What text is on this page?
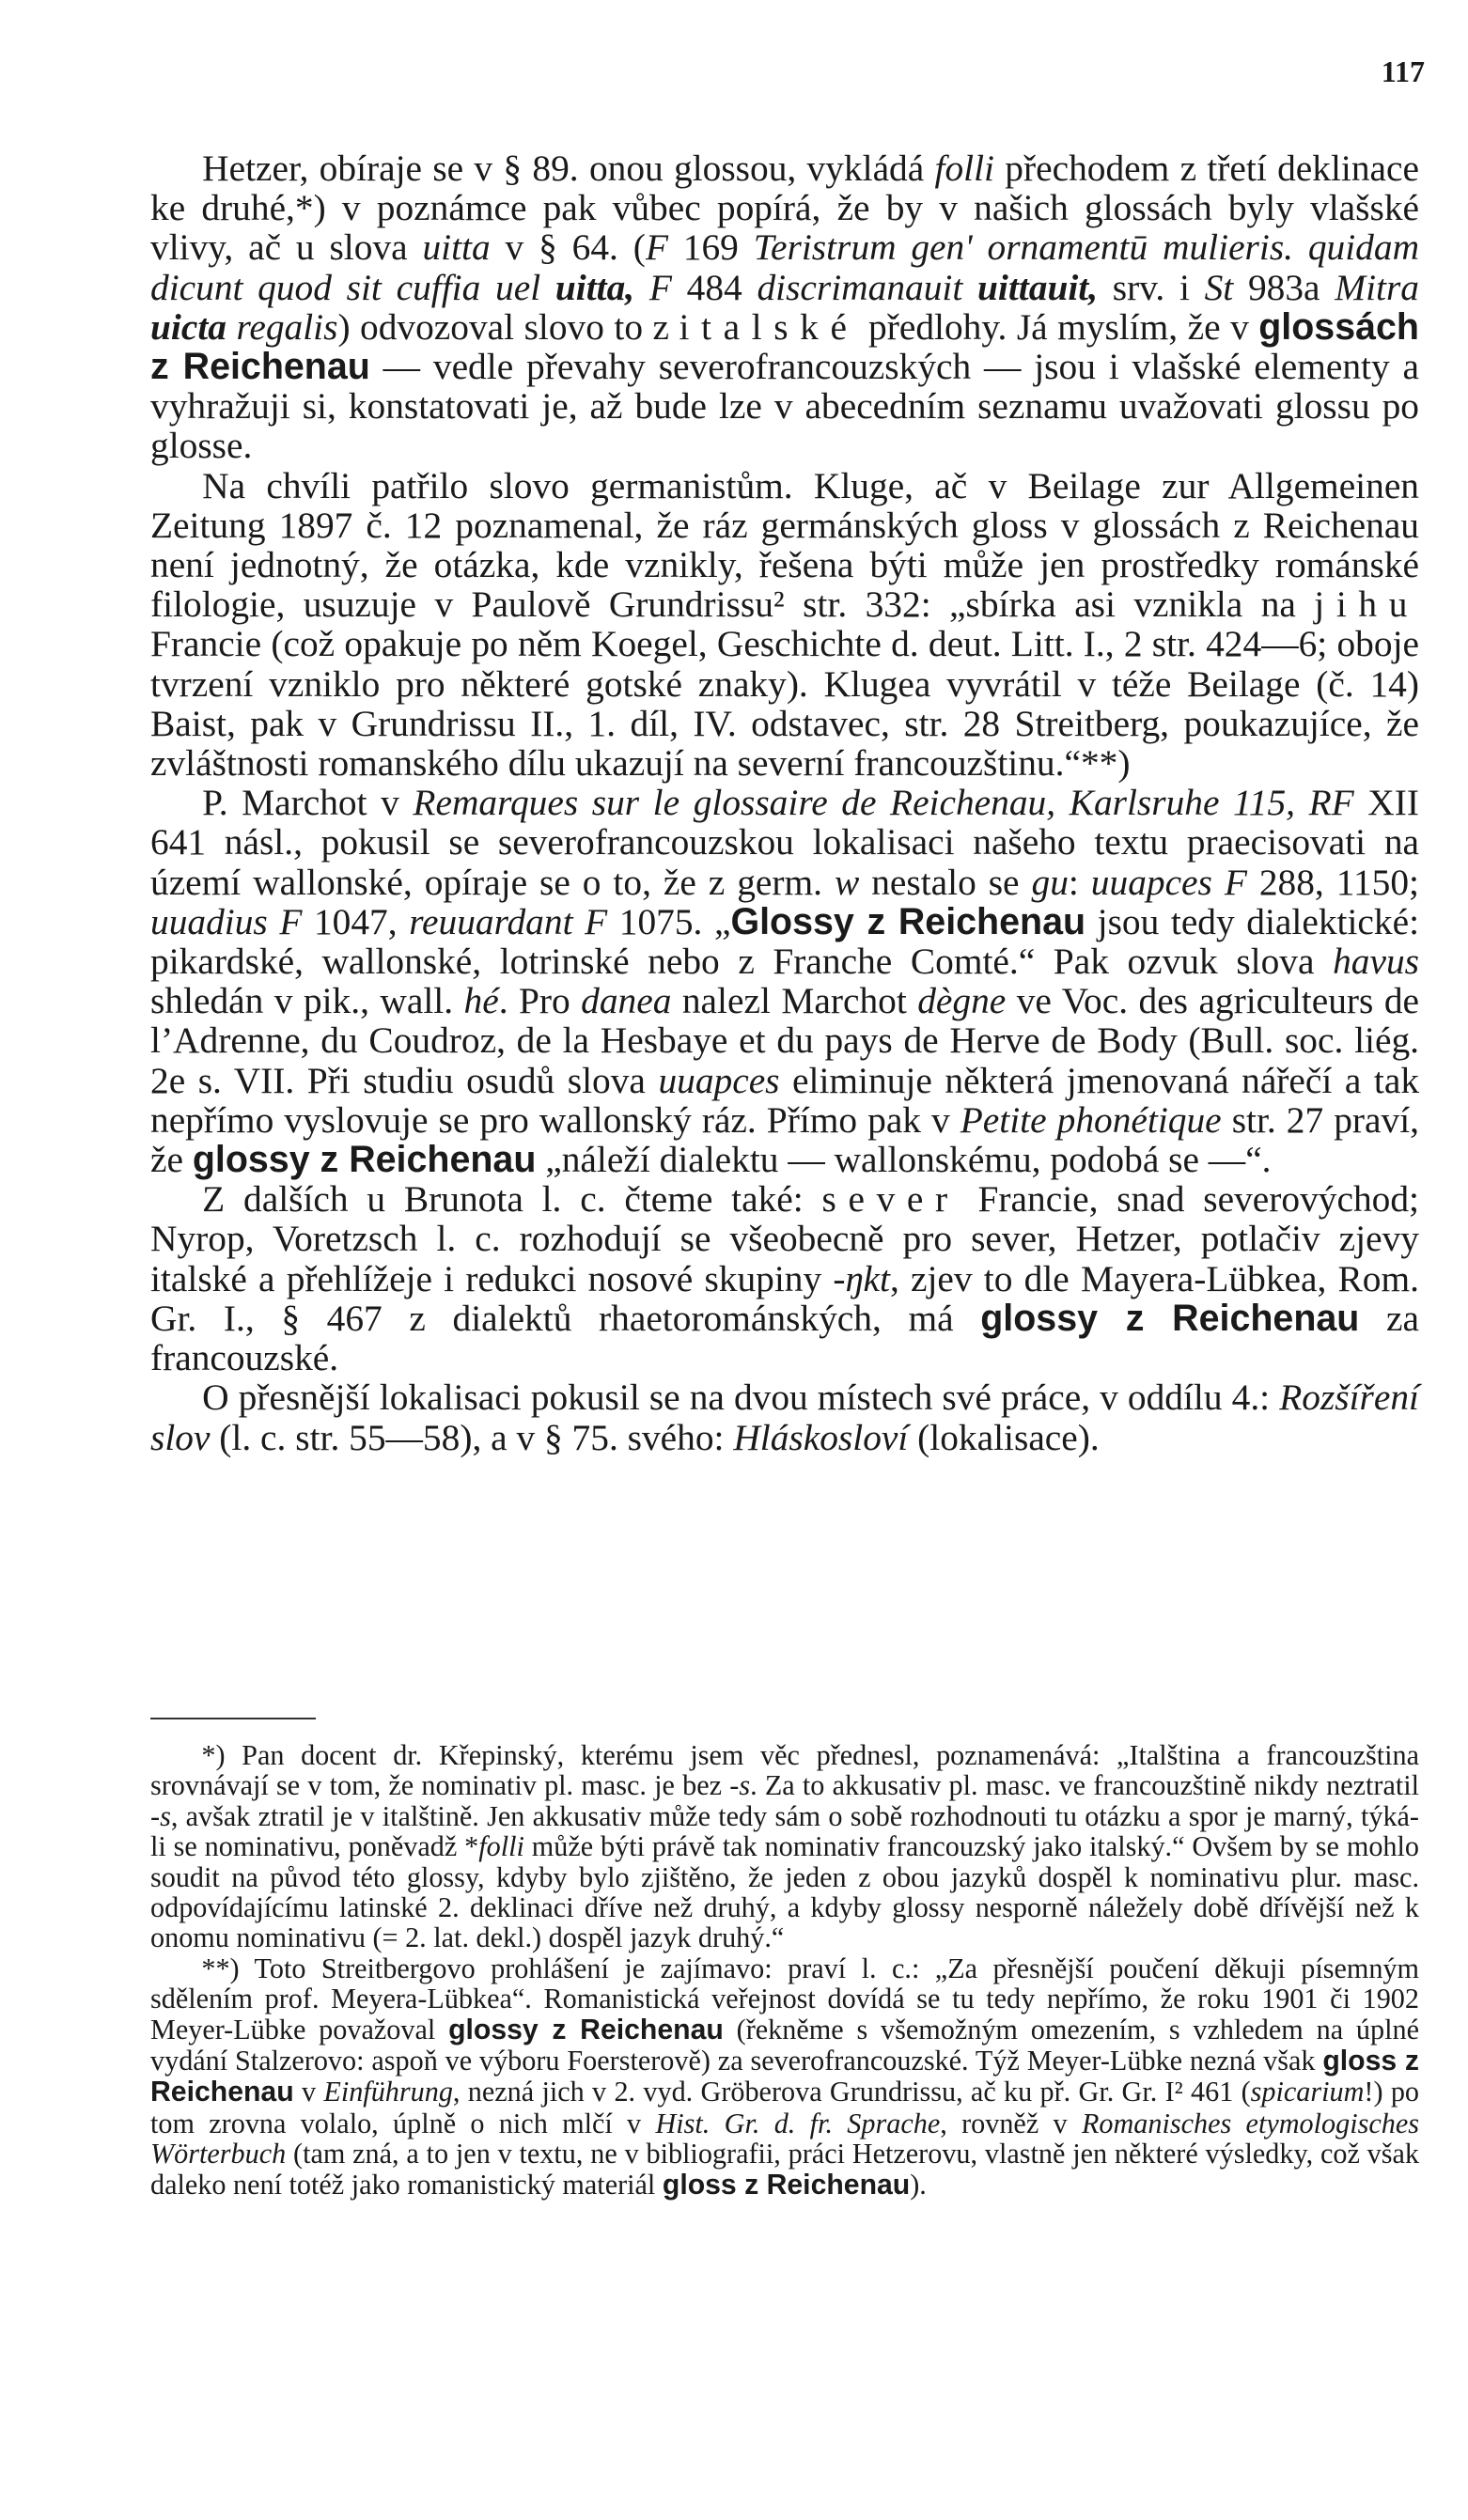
117

Hetzer, obíraje se v § 89. onou glossou, vykládá folli přechodem z třetí deklinace ke druhé,*) v poznámce pak vůbec popírá, že by v našich glossách byly vlašské vlivy, ač u slova uitta v § 64. (F 169 Teristrum gen' ornamentū mulieris. quidam dicunt quod sit cuffia uel uitta, F 484 discrimanauit uittauit, srv. i St 983a Mitra uicta regalis) odvozoval slovo to z italské předlohy. Já myslím, že v glossách z Reichenau — vedle převahy severofrancouzských — jsou i vlašské elementy a vyhražuji si, konstatovati je, až bude lze v abecedním seznamu uvažovati glossu po glosse.

Na chvíli patřilo slovo germanistům. Kluge, ač v Beilage zur Allgemeinen Zeitung 1897 č. 12 poznamenal, že ráz germánských gloss v glossách z Reichenau není jednotný, že otázka, kde vznikly, řešena býti může jen prostředky románské filologie, usuzuje v Paulově Grundrissu² str. 332: „sbírka asi vznikla na jihu Francie (což opakuje po něm Koegel, Geschichte d. deut. Litt. I., 2 str. 424—6; oboje tvrzení vzniklo pro některé gotské znaky). Klugea vyvrátil v téže Beilage (č. 14) Baist, pak v Grundrissu II., 1. díl, IV. odstavec, str. 28 Streitberg, poukazujíce, že zvláštnosti romanského dílu ukazují na severní francouzštinu.“**)

P. Marchot v Remarques sur le glossaire de Reichenau, Karlsruhe 115, RF XII 641 násl., pokusil se severofrancouzskou lokalisaci našeho textu praecisovati na území wallonské, opíraje se o to, že z germ. w nestalo se gu: uuapces F 288, 1150; uuadius F 1047, reuuardant F 1075. „Glossy z Reichenau jsou tedy dialektické: pikardské, wallonské, lotrinské nebo z Franche Comté.“ Pak ozvuk slova havus shledán v pik., wall. hé. Pro danea nalezl Marchot dègne ve Voc. des agriculteurs de l’Adrenne, du Coudroz, de la Hesbaye et du pays de Herve de Body (Bull. soc. liég. 2e s. VII. Při studiu osudů slova uuapces eliminuje některá jmenovaná nářečí a tak nepřímo vyslovuje se pro wallonský ráz. Přímo pak v Petite phonétique str. 27 praví, že glossy z Reichenau „náleží dialektu — wallonskému, podobá se —“.

Z dalších u Brunota l. c. čteme také: sever Francie, snad severovýchod; Nyrop, Voretzsch l. c. rozhodují se všeobecně pro sever, Hetzer, potlačiv zjevy italské a přehlížeje i redukci nosové skupiny -ŋkt, zjev to dle Mayera-Lübkea, Rom. Gr. I., § 467 z dialektů rhaetorománských, má glossy z Reichenau za francouzské.

O přesnější lokalisaci pokusil se na dvou místech své práce, v oddílu 4.: Rozšíření slov (l. c. str. 55—58), a v § 75. svého: Hláskosloví (lokalisace).

*) Pan docent dr. Křepinský, kterému jsem věc přednesl, poznamenává: „Italština a francouzština srovnávají se v tom, že nominativ pl. masc. je bez -s. Za to akkusativ pl. masc. ve francouzštině nikdy neztratil -s, avšak ztratil je v italštině. Jen akkusativ může tedy sám o sobě rozhodnouti tu otázku a spor je marný, týká-li se nominativu, poněvadž *folli může býti právě tak nominativ francouzský jako italský.“ Ovšem by se mohlo soudit na původ této glossy, kdyby bylo zjištěno, že jeden z obou jazyků dospěl k nominativu plur. masc. odpovídajícímu latinské 2. deklinaci dříve než druhý, a kdyby glossy nesporně náležely době dřívější než k onomu nominativu (= 2. lat. dekl.) dospěl jazyk druhý.“

**) Toto Streitbergovo prohlášení je zajímavo: praví l. c.: „Za přesnější poučení děkuji písemným sdělením prof. Meyera-Lübkea“. Romanistická veřejnost dovídá se tu tedy nepřímo, že roku 1901 či 1902 Meyer-Lübke považoval glossy z Reichenau (řekněme s všemožným omezením, s vzhledem na úplné vydání Stalzerovo: aspoň ve výboru Foersterově) za severofrancouzské. Týž Meyer-Lübke nezná však gloss z Reichenau v Einführung, nezná jich v 2. vyd. Gröberova Grundrissu, ač ku př. Gr. Gr. I² 461 (spicarium!) po tom zrovna volalo, úplně o nich mlčí v Hist. Gr. d. fr. Sprache, rovněž v Romanisches etymologisches Wörterbuch (tam zná, a to jen v textu, ne v bibliografii, práci Hetzerovu, vlastně jen některé výsledky, což však daleko není totéž jako romanistický materiál gloss z Reichenau).
